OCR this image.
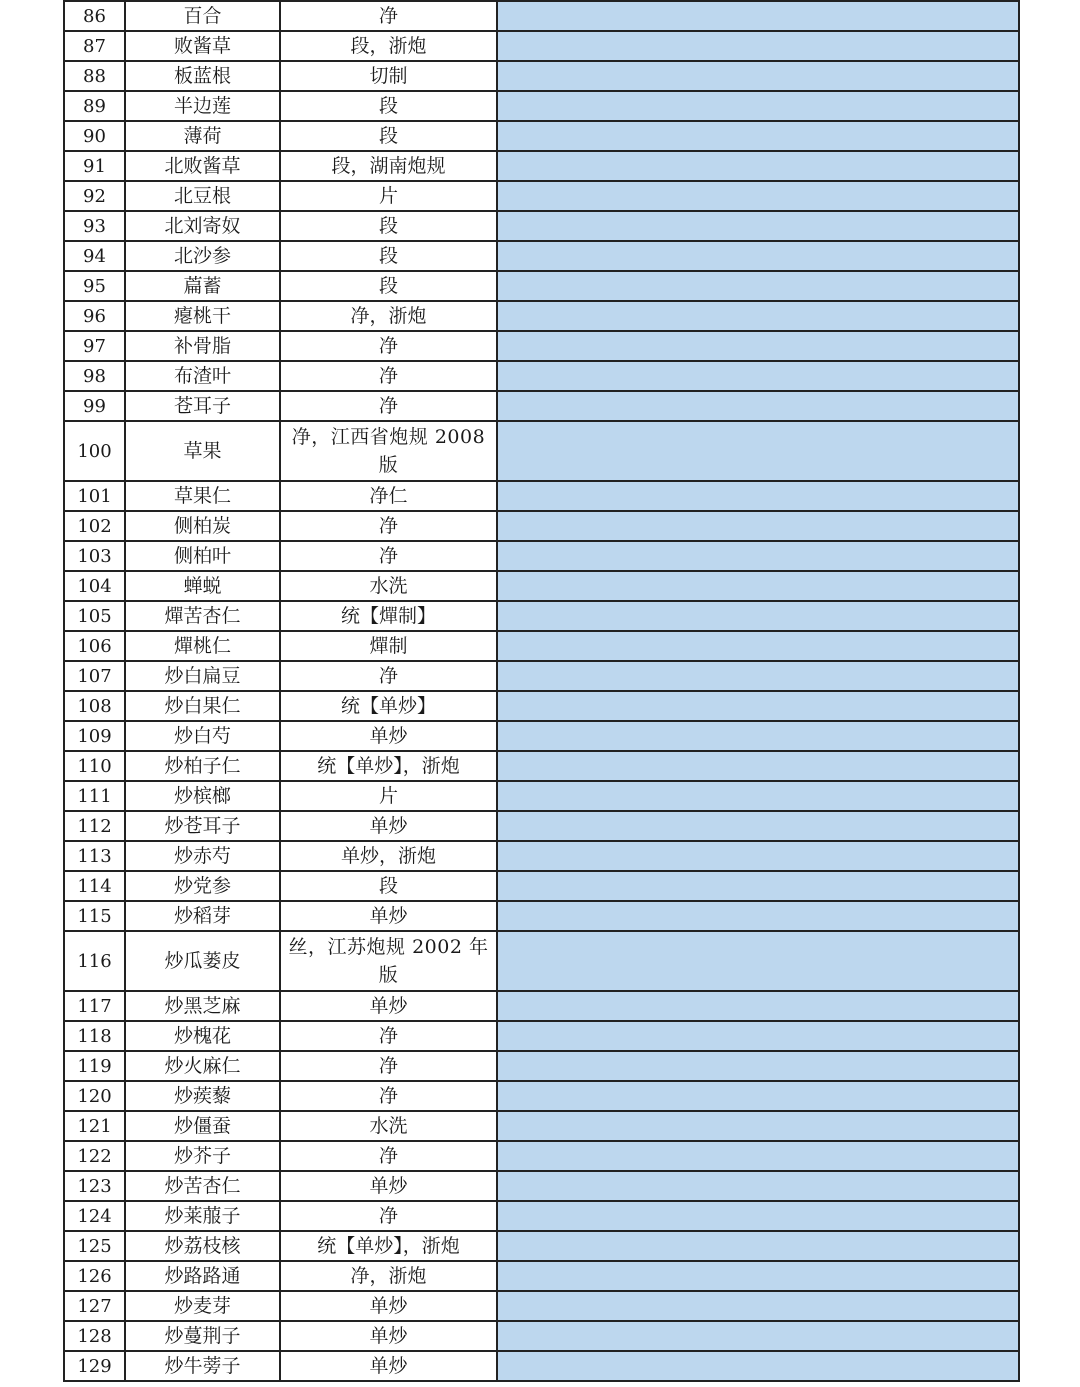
86	百合	净	
87	败酱草	段，浙炮	
88	板蓝根	切制	
89	半边莲	段	
90	薄荷	段	
91	北败酱草	段，湖南炮规	
92	北豆根	片	
93	北刘寄奴	段	
94	北沙参	段	
95	萹蓄	段	
96	瘪桃干	净，浙炮	
97	补骨脂	净	
98	布渣叶	净	
99	苍耳子	净	
100	草果	净，江西省炮规 2008 版	
101	草果仁	净仁	
102	侧柏炭	净	
103	侧柏叶	净	
104	蝉蜕	水洗	
105	燀苦杏仁	统【燀制】	
106	燀桃仁	燀制	
107	炒白扁豆	净	
108	炒白果仁	统【单炒】	
109	炒白芍	单炒	
110	炒柏子仁	统【单炒】，浙炮	
111	炒槟榔	片	
112	炒苍耳子	单炒	
113	炒赤芍	单炒，浙炮	
114	炒党参	段	
115	炒稻芽	单炒	
116	炒瓜蒌皮	丝，江苏炮规 2002 年版	
117	炒黑芝麻	单炒	
118	炒槐花	净	
119	炒火麻仁	净	
120	炒蒺藜	净	
121	炒僵蚕	水洗	
122	炒芥子	净	
123	炒苦杏仁	单炒	
124	炒莱菔子	净	
125	炒荔枝核	统【单炒】，浙炮	
126	炒路路通	净，浙炮	
127	炒麦芽	单炒	
128	炒蔓荆子	单炒	
129	炒牛蒡子	单炒	
